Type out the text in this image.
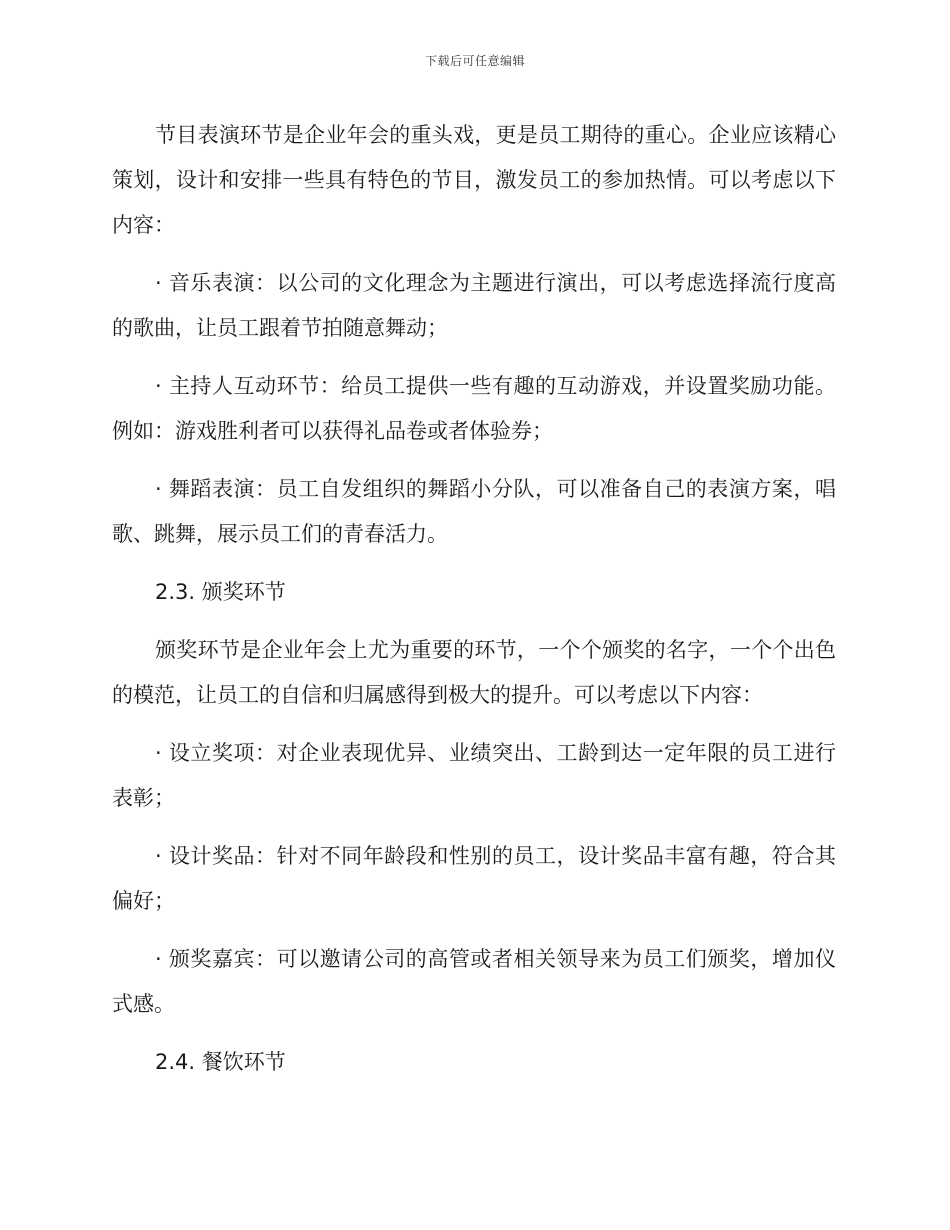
下载后可任意编辑

节目表演环节是企业年会的重头戏，更是员工期待的重心。企业应该精心策划，设计和安排一些具有特色的节目，激发员工的参加热情。可以考虑以下内容：

· 音乐表演：以公司的文化理念为主题进行演出，可以考虑选择流行度高的歌曲，让员工跟着节拍随意舞动；

· 主持人互动环节：给员工提供一些有趣的互动游戏，并设置奖励功能。例如：游戏胜利者可以获得礼品卷或者体验券；

· 舞蹈表演：员工自发组织的舞蹈小分队，可以准备自己的表演方案，唱歌、跳舞，展示员工们的青春活力。

2.3. 颁奖环节

颁奖环节是企业年会上尤为重要的环节，一个个颁奖的名字，一个个出色的模范，让员工的自信和归属感得到极大的提升。可以考虑以下内容：

· 设立奖项：对企业表现优异、业绩突出、工龄到达一定年限的员工进行表彰；

· 设计奖品：针对不同年龄段和性别的员工，设计奖品丰富有趣，符合其偏好；

· 颁奖嘉宾：可以邀请公司的高管或者相关领导来为员工们颁奖，增加仪式感。

2.4. 餐饮环节
